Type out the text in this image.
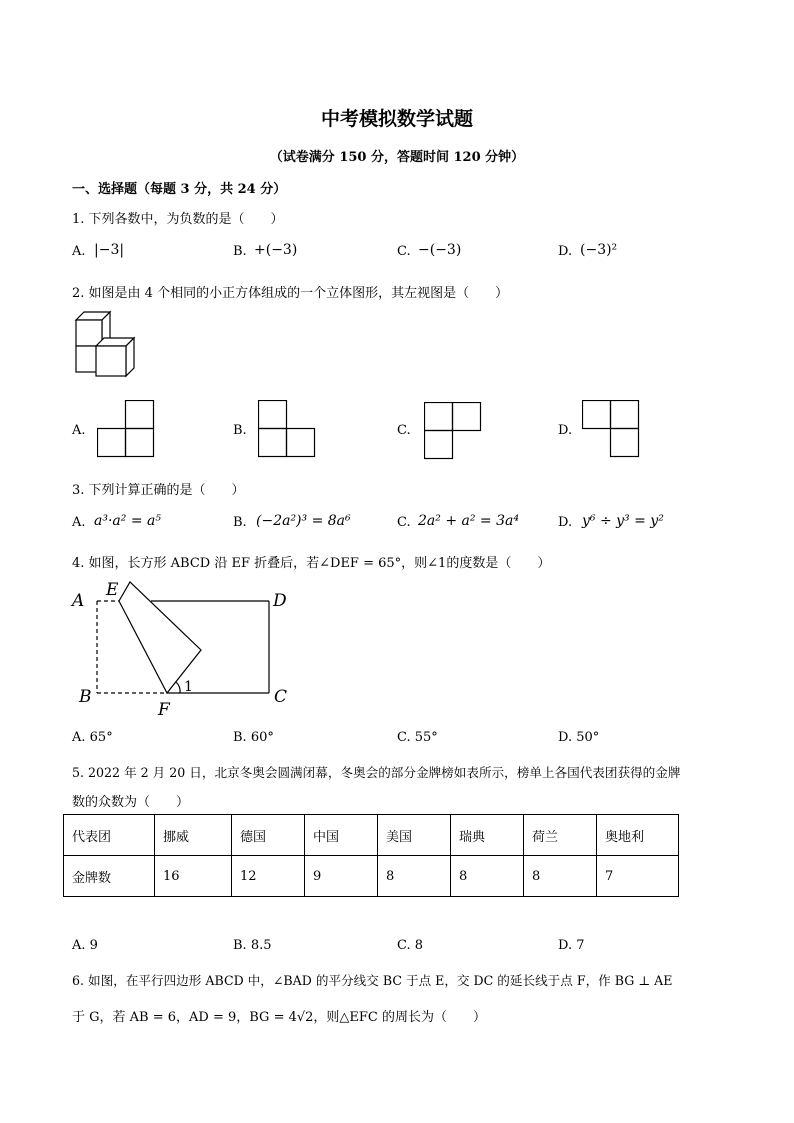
中考模拟数学试题
（试卷满分 150 分，答题时间 120 分钟）
一、选择题（每题 3 分，共 24 分）
1. 下列各数中，为负数的是（　　）
A. |−3|	B. +(−3)	C. −(−3)	D. (−3)²
2. 如图是由 4 个相同的小正方体组成的一个立体图形，其左视图是（　　）
A.	B.	C.	D.
3. 下列计算正确的是（　　）
A. a³·a² = a⁵	B. (−2a²)³ = 8a⁶	C. 2a² + a² = 3a⁴	D. y⁶ ÷ y³ = y²
4. 如图，长方形 ABCD 沿 EF 折叠后，若∠DEF = 65°，则∠1的度数是（　　）
A
E
D
B
F
C
1
A. 65°	B. 60°	C. 55°	D. 50°
5. 2022 年 2 月 20 日，北京冬奥会圆满闭幕，冬奥会的部分金牌榜如表所示，榜单上各国代表团获得的金牌
数的众数为（　　）
代表团	挪威	德国	中国	美国	瑞典	荷兰	奥地利
金牌数	16	12	9	8	8	8	7
A. 9	B. 8.5	C. 8	D. 7
6. 如图，在平行四边形 ABCD 中，∠BAD 的平分线交 BC 于点 E，交 DC 的延长线于点 F，作 BG ⊥ AE
于 G，若 AB = 6，AD = 9，BG = 4√2，则△EFC 的周长为（　　）
